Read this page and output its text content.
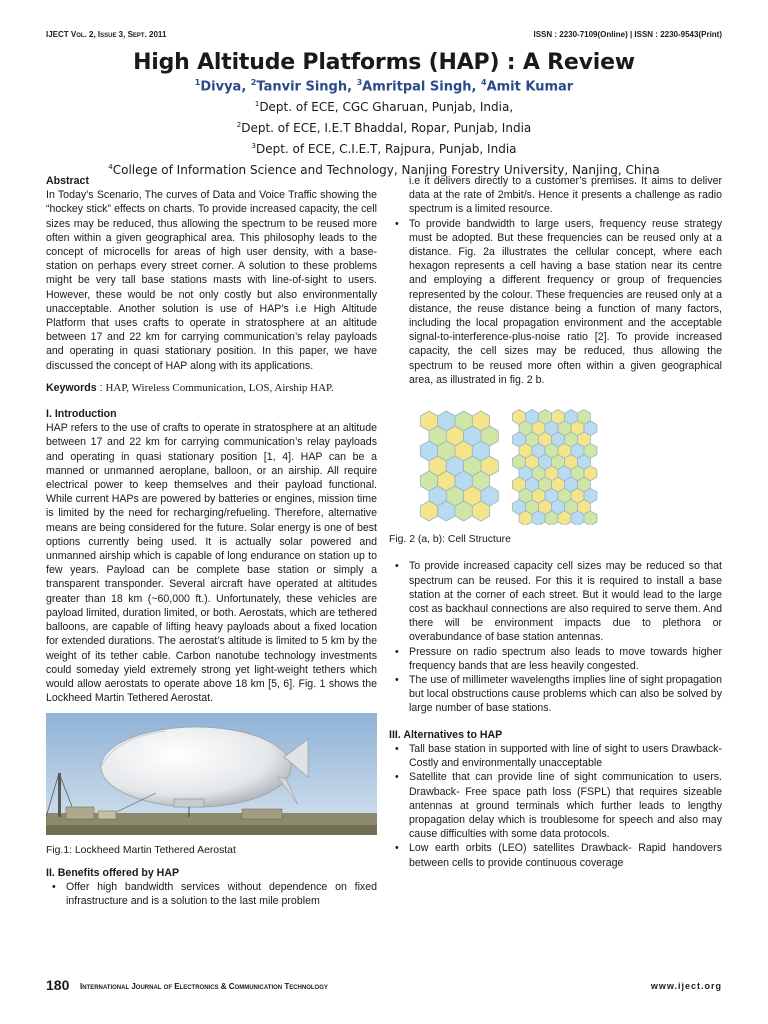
IJECT Vol. 2, Issue 3, Sept. 2011	ISSN : 2230-7109(Online) | ISSN : 2230-9543(Print)
High Altitude Platforms (HAP) : A Review
$^1$Divya, $^2$Tanvir Singh, $^3$Amritpal Singh, $^4$Amit Kumar
$^1$Dept. of ECE, CGC Gharuan, Punjab, India,
$^2$Dept. of ECE, I.E.T Bhaddal, Ropar, Punjab, India
$^3$Dept. of ECE, C.I.E.T, Rajpura, Punjab, India
$^4$College of Information Science and Technology, Nanjing Forestry University, Nanjing, China
Abstract

In Today’s Scenario, The curves of Data and Voice Traffic showing the “hockey stick” effects on charts. To provide increased capacity, the cell sizes may be reduced, thus allowing the spectrum to be reused more often within a given geographical area. This philosophy leads to the concept of microcells for areas of high user density, with a base-station on perhaps every street corner. A solution to these problems might be very tall base stations masts with line-of-sight to users. However, these would be not only costly but also environmentally unacceptable. Another solution is use of HAP’s i.e High Altitude Platform that uses crafts to operate in stratosphere at an altitude between 17 and 22 km for carrying communication’s relay payloads and operating in quasi stationary position. In this paper, we have discussed the concept of HAP along with its applications.

Keywords : HAP, Wireless Communication, LOS, Airship HAP.

I. Introduction

HAP refers to the use of crafts to operate in stratosphere at an altitude between 17 and 22 km for carrying communication’s relay payloads and operating in quasi stationary position [1, 4]. HAP can be a manned or unmanned aeroplane, balloon, or an airship. All require electrical power to keep themselves and their payload functional. While current HAPs are powered by batteries or engines, mission time is limited by the need for recharging/refueling. Therefore, alternative means are being considered for the future. Solar energy is one of best options currently being used. It is actually solar powered and unmanned airship which is capable of long endurance on station up to few years. Payload can be complete base station or simply a transparent transponder. Several aircraft have operated at altitudes greater than 18 km (~60,000 ft.). Unfortunately, these vehicles are payload limited, duration limited, or both. Aerostats, which are tethered balloons, are capable of lifting heavy payloads about a fixed location for extended durations. The aerostat’s altitude is limited to 5 km by the weight of its tether cable. Carbon nanotube technology investments could someday yield extremely strong yet light-weight tethers which would allow aerostats to operate above 18 km [5, 6]. Fig. 1 shows the Lockheed Martin Tethered Aerostat.

Fig.1: Lockheed Martin Tethered Aerostat
II. Benefits offered by HAP
• Offer high bandwidth services without dependence on fixed infrastructure and is a solution to the last mile problem

i.e it delivers directly to a customer’s premises. It aims to deliver data at the rate of 2mbit/s. Hence it presents a challenge as radio spectrum is a limited resource.

• To provide bandwidth to large users, frequency reuse strategy must be adopted. But these frequencies can be reused only at a distance. Fig. 2a illustrates the cellular concept, where each hexagon represents a cell having a base station near its centre and employing a different frequency or group of frequencies represented by the colour. These frequencies are reused only at a distance, the reuse distance being a function of many factors, including the local propagation environment and the acceptable signal-to-interference-plus-noise ratio [2]. To provide increased capacity, the cell sizes may be reduced, thus allowing the spectrum to be reused more often within a given geographical area, as illustrated in fig. 2 b.
Fig. 2 (a, b): Cell Structure
• To provide increased capacity cell sizes may be reduced so that spectrum can be reused. For this it is required to install a base station at the corner of each street. But it would lead to the large cost as backhaul connections are also required to serve them. And there will be environment impacts due to plethora or overabundance of base station antennas.
• Pressure on radio spectrum also leads to move towards higher frequency bands that are less heavily congested.
• The use of millimeter wavelengths implies line of sight propagation but local obstructions cause problems which can also be solved by large number of base stations.
III. Alternatives to HAP
• Tall base station in supported with line of sight to users Drawback- Costly and environmentally unacceptable
• Satellite that can provide line of sight communication to users. Drawback- Free space path loss (FSPL) that requires sizeable antennas at ground terminals which further leads to lengthy propagation delay which is troublesome for speech and also may cause difficulties with some data protocols.
• Low earth orbits (LEO) satellites Drawback- Rapid handovers between cells to provide continuous coverage
180 International Journal of Electronics & Communication Technology	www.iject.org
